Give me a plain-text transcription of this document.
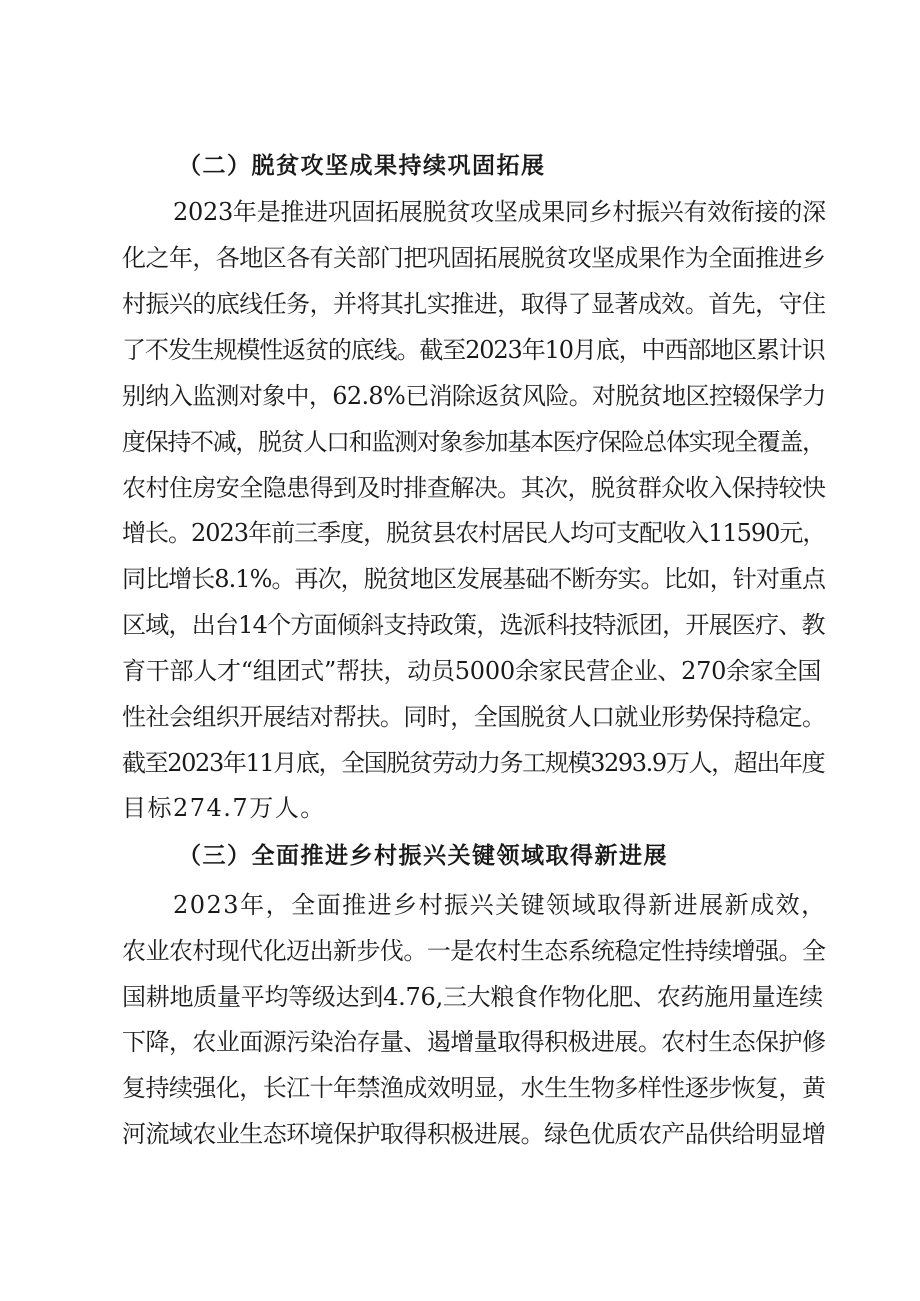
（二）脱贫攻坚成果持续巩固拓展
2023年是推进巩固拓展脱贫攻坚成果同乡村振兴有效衔接的深
化之年，各地区各有关部门把巩固拓展脱贫攻坚成果作为全面推进乡
村振兴的底线任务，并将其扎实推进，取得了显著成效。首先，守住
了不发生规模性返贫的底线。截至2023年10月底，中西部地区累计识
别纳入监测对象中，62.8%已消除返贫风险。对脱贫地区控辍保学力
度保持不减，脱贫人口和监测对象参加基本医疗保险总体实现全覆盖，
农村住房安全隐患得到及时排查解决。其次，脱贫群众收入保持较快
增长。2023年前三季度，脱贫县农村居民人均可支配收入11590元，
同比增长8.1%。再次，脱贫地区发展基础不断夯实。比如，针对重点
区域，出台14个方面倾斜支持政策，选派科技特派团，开展医疗、教
育干部人才“组团式”帮扶，动员5000余家民营企业、270余家全国
性社会组织开展结对帮扶。同时，全国脱贫人口就业形势保持稳定。
截至2023年11月底，全国脱贫劳动力务工规模3293.9万人，超出年度
目标274.7万人。
（三）全面推进乡村振兴关键领域取得新进展
2023年，全面推进乡村振兴关键领域取得新进展新成效，
农业农村现代化迈出新步伐。一是农村生态系统稳定性持续增强。全
国耕地质量平均等级达到4.76,三大粮食作物化肥、农药施用量连续
下降，农业面源污染治存量、遏增量取得积极进展。农村生态保护修
复持续强化，长江十年禁渔成效明显，水生生物多样性逐步恢复，黄
河流域农业生态环境保护取得积极进展。绿色优质农产品供给明显增
